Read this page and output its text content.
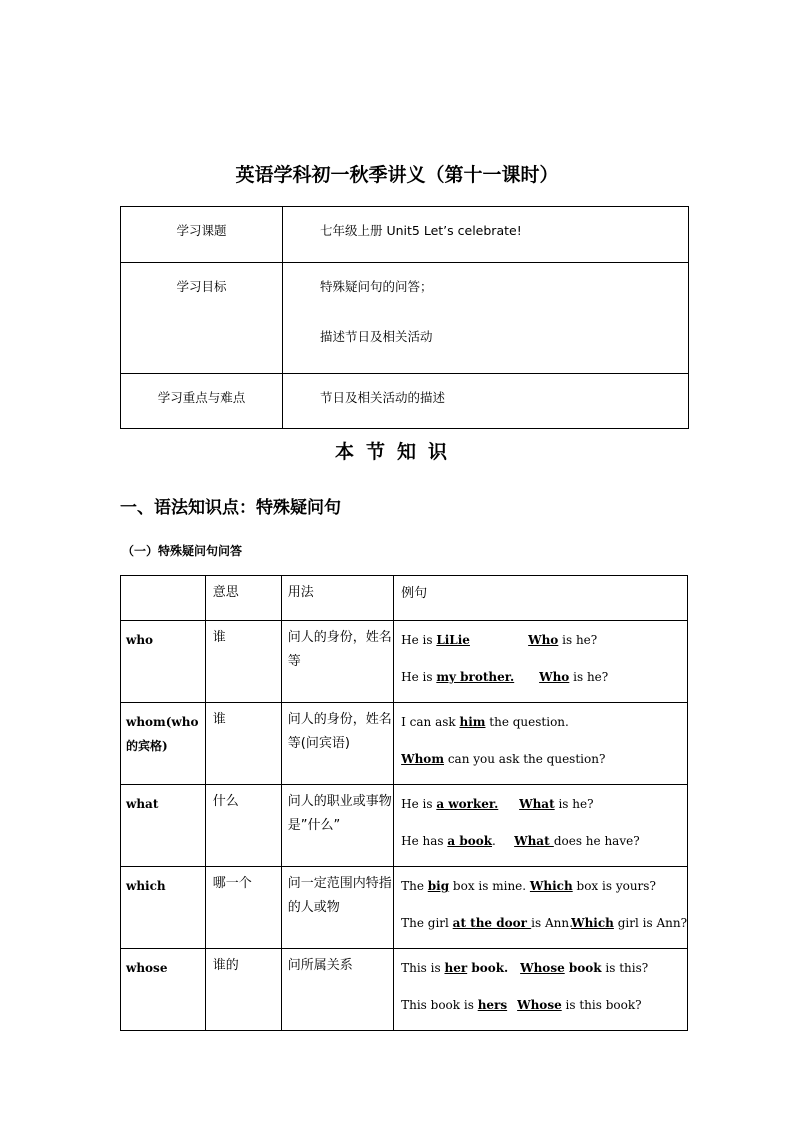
英语学科初一秋季讲义（第十一课时）
学习课题	七年级上册 Unit5 Let’s celebrate!
学习目标	特殊疑问句的问答；
描述节日及相关活动

学习重点与难点	节日及相关活动的描述
本节知识
一、语法知识点：特殊疑问句
（一）特殊疑问句问答
	意思	用法	例句
who	谁	问人的身份，姓名等	He is LiLie Who is he?
He is my brother. Who is he?

whom(who的宾格)	谁	问人的身份，姓名等(问宾语)	I can ask him the question.
Whom can you ask the question?

what	什么	问人的职业或事物是”什么”	He is a worker. What is he?
He has a book. What does he have?

which	哪一个	问一定范围内特指的人或物	The big box is mine. Which box is yours?
The girl at the door is Ann.Which girl is Ann?

whose	谁的	问所属关系	This is her book. Whose book is this?
This book is hers Whose is this book?
